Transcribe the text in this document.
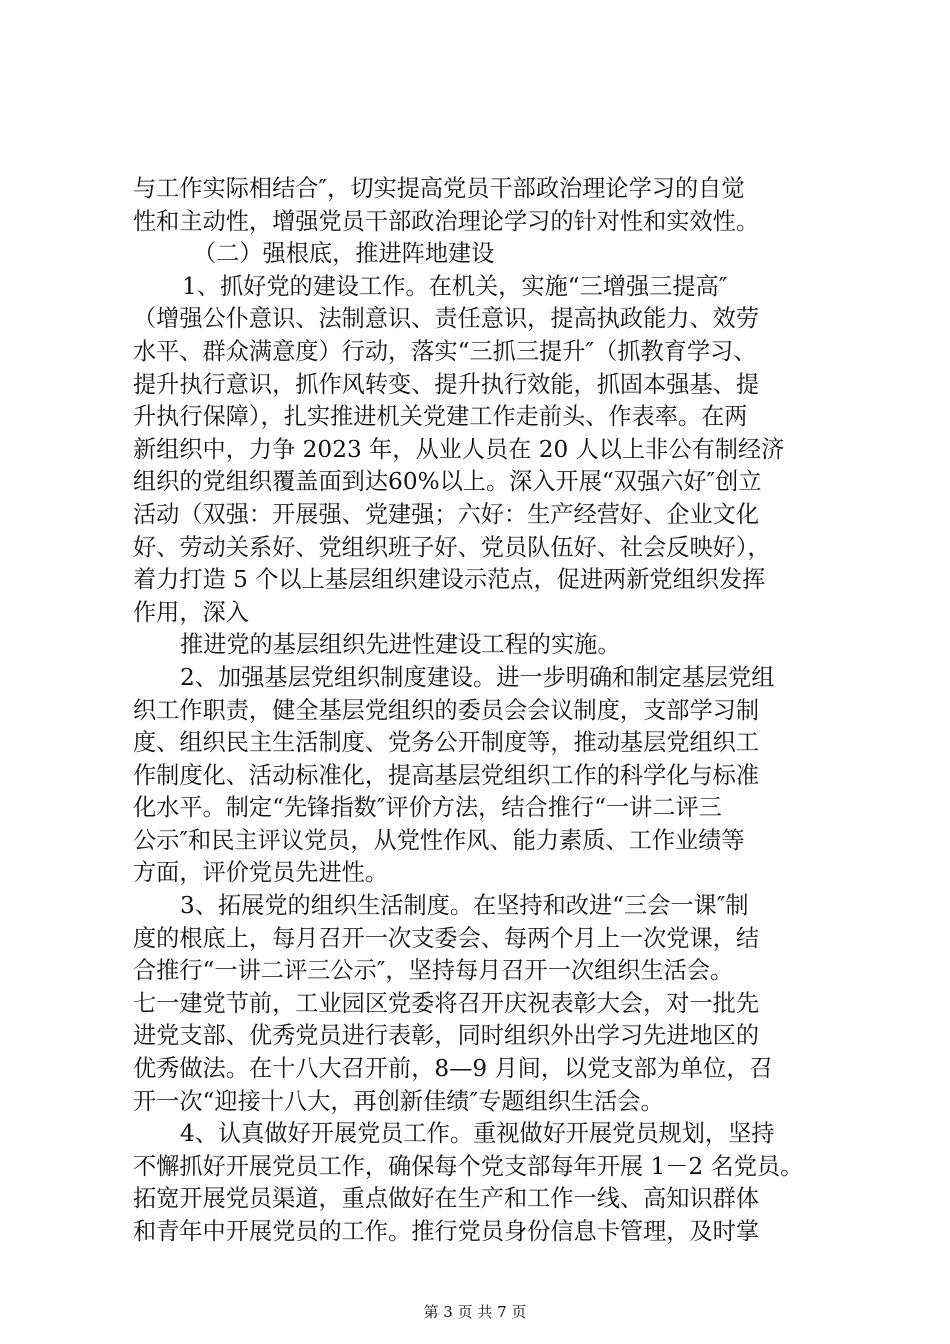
与工作实际相结合″，切实提高党员干部政治理论学习的自觉
性和主动性，增强党员干部政治理论学习的针对性和实效性。
（二）强根底，推进阵地建设
1、抓好党的建设工作。在机关，实施“三增强三提高″
（增强公仆意识、法制意识、责任意识，提高执政能力、效劳
水平、群众满意度）行动，落实“三抓三提升″（抓教育学习、
提升执行意识，抓作风转变、提升执行效能，抓固本强基、提
升执行保障），扎实推进机关党建工作走前头、作表率。在两
新组织中，力争 2023 年，从业人员在 20 人以上非公有制经济
组织的党组织覆盖面到达60%以上。深入开展“双强六好″创立
活动（双强：开展强、党建强；六好：生产经营好、企业文化
好、劳动关系好、党组织班子好、党员队伍好、社会反映好），
着力打造 5 个以上基层组织建设示范点，促进两新党组织发挥
作用，深入
推进党的基层组织先进性建设工程的实施。
2、加强基层党组织制度建设。进一步明确和制定基层党组
织工作职责，健全基层党组织的委员会会议制度，支部学习制
度、组织民主生活制度、党务公开制度等，推动基层党组织工
作制度化、活动标准化，提高基层党组织工作的科学化与标准
化水平。制定“先锋指数″评价方法，结合推行“一讲二评三
公示″和民主评议党员，从党性作风、能力素质、工作业绩等
方面，评价党员先进性。
3、拓展党的组织生活制度。在坚持和改进“三会一课″制
度的根底上，每月召开一次支委会、每两个月上一次党课，结
合推行“一讲二评三公示″，坚持每月召开一次组织生活会。
七一建党节前，工业园区党委将召开庆祝表彰大会，对一批先
进党支部、优秀党员进行表彰，同时组织外出学习先进地区的
优秀做法。在十八大召开前，8—9 月间，以党支部为单位，召
开一次“迎接十八大，再创新佳绩″专题组织生活会。
4、认真做好开展党员工作。重视做好开展党员规划，坚持
不懈抓好开展党员工作，确保每个党支部每年开展 1－2 名党员。
拓宽开展党员渠道，重点做好在生产和工作一线、高知识群体
和青年中开展党员的工作。推行党员身份信息卡管理，及时掌
第 3 页 共 7 页
